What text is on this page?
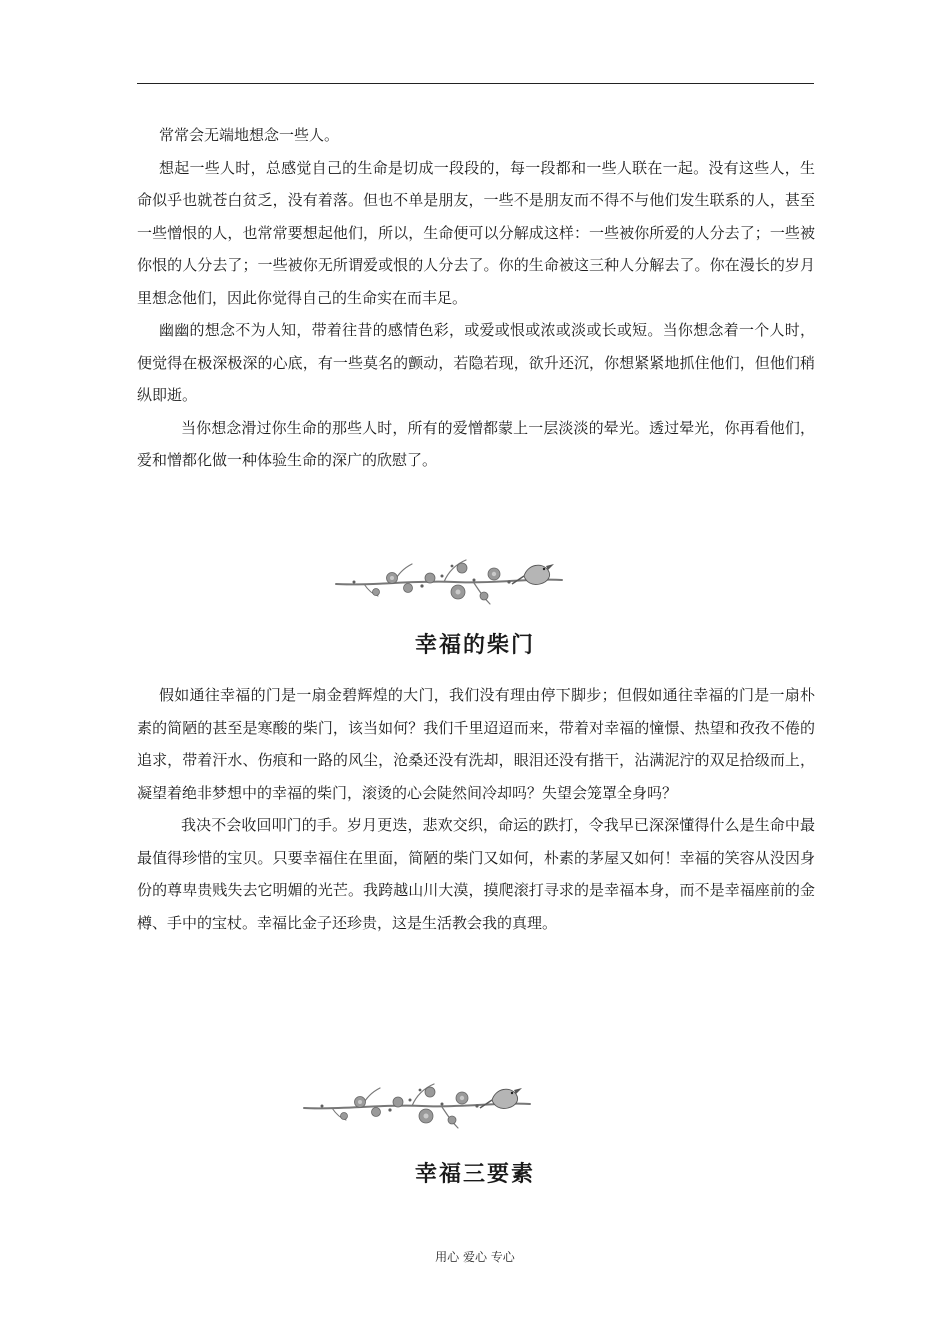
常常会无端地想念一些人。

想起一些人时，总感觉自己的生命是切成一段段的，每一段都和一些人联在一起。没有这些人，生命似乎也就苍白贫乏，没有着落。但也不单是朋友，一些不是朋友而不得不与他们发生联系的人，甚至一些憎恨的人，也常常要想起他们，所以，生命便可以分解成这样：一些被你所爱的人分去了；一些被你恨的人分去了；一些被你无所谓爱或恨的人分去了。你的生命被这三种人分解去了。你在漫长的岁月里想念他们，因此你觉得自己的生命实在而丰足。

幽幽的想念不为人知，带着往昔的感情色彩，或爱或恨或浓或淡或长或短。当你想念着一个人时，便觉得在极深极深的心底，有一些莫名的颤动，若隐若现，欲升还沉，你想紧紧地抓住他们，但他们稍纵即逝。

当你想念滑过你生命的那些人时，所有的爱憎都蒙上一层淡淡的晕光。透过晕光，你再看他们，爱和憎都化做一种体验生命的深广的欣慰了。

幸福的柴门

假如通往幸福的门是一扇金碧辉煌的大门，我们没有理由停下脚步；但假如通往幸福的门是一扇朴素的简陋的甚至是寒酸的柴门，该当如何？我们千里迢迢而来，带着对幸福的憧憬、热望和孜孜不倦的追求，带着汗水、伤痕和一路的风尘，沧桑还没有洗却，眼泪还没有揩干，沾满泥泞的双足拾级而上，凝望着绝非梦想中的幸福的柴门，滚烫的心会陡然间冷却吗？失望会笼罩全身吗？

我决不会收回叩门的手。岁月更迭，悲欢交织，命运的跌打，令我早已深深懂得什么是生命中最最值得珍惜的宝贝。只要幸福住在里面，简陋的柴门又如何，朴素的茅屋又如何！幸福的笑容从没因身份的尊卑贵贱失去它明媚的光芒。我跨越山川大漠，摸爬滚打寻求的是幸福本身，而不是幸福座前的金樽、手中的宝杖。幸福比金子还珍贵，这是生活教会我的真理。

幸福三要素
用心 爱心 专心
